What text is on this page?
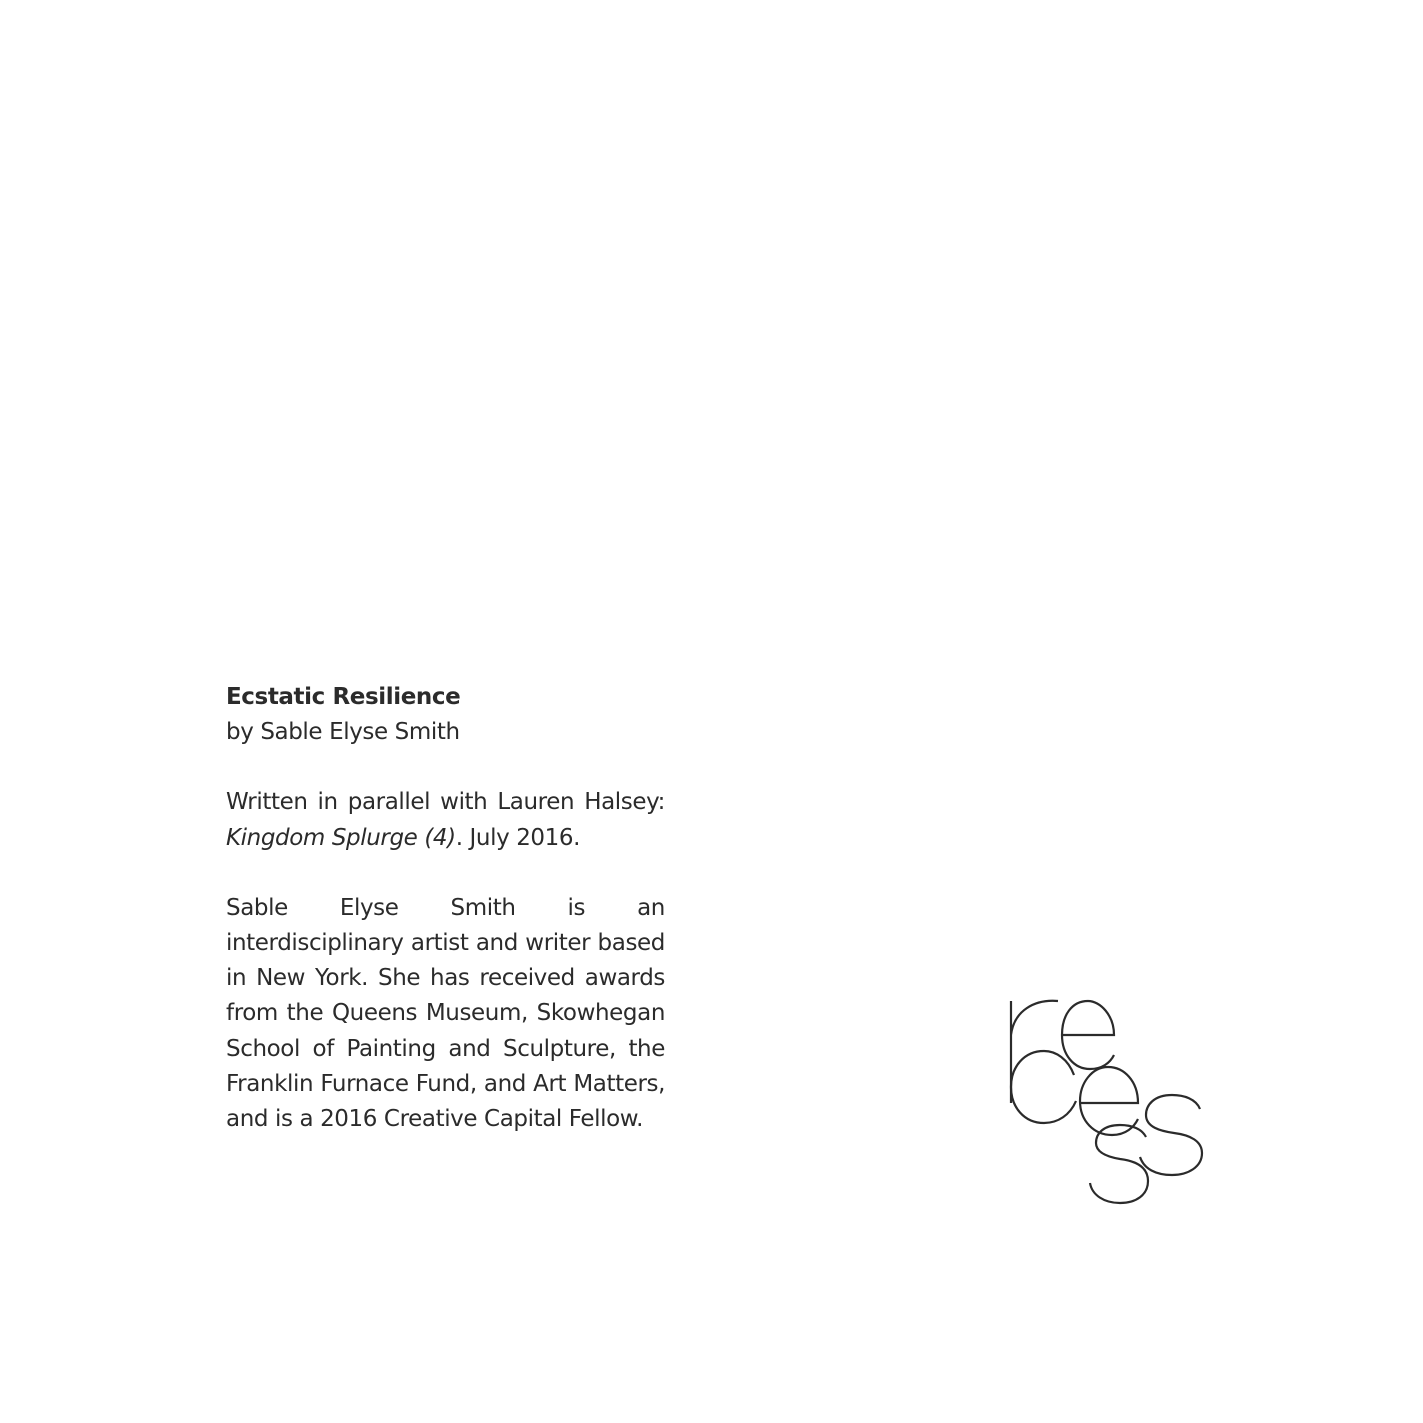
Ecstatic Resilience
by Sable Elyse Smith

Written in parallel with Lauren Halsey: Kingdom Splurge (4). July 2016.

Sable Elyse Smith is an interdisciplinary artist and writer based in New York. She has received awards from the Queens Museum, Skowhegan School of Painting and Sculpture, the Franklin Furnace Fund, and Art Matters, and is a 2016 Creative Capital Fellow.
